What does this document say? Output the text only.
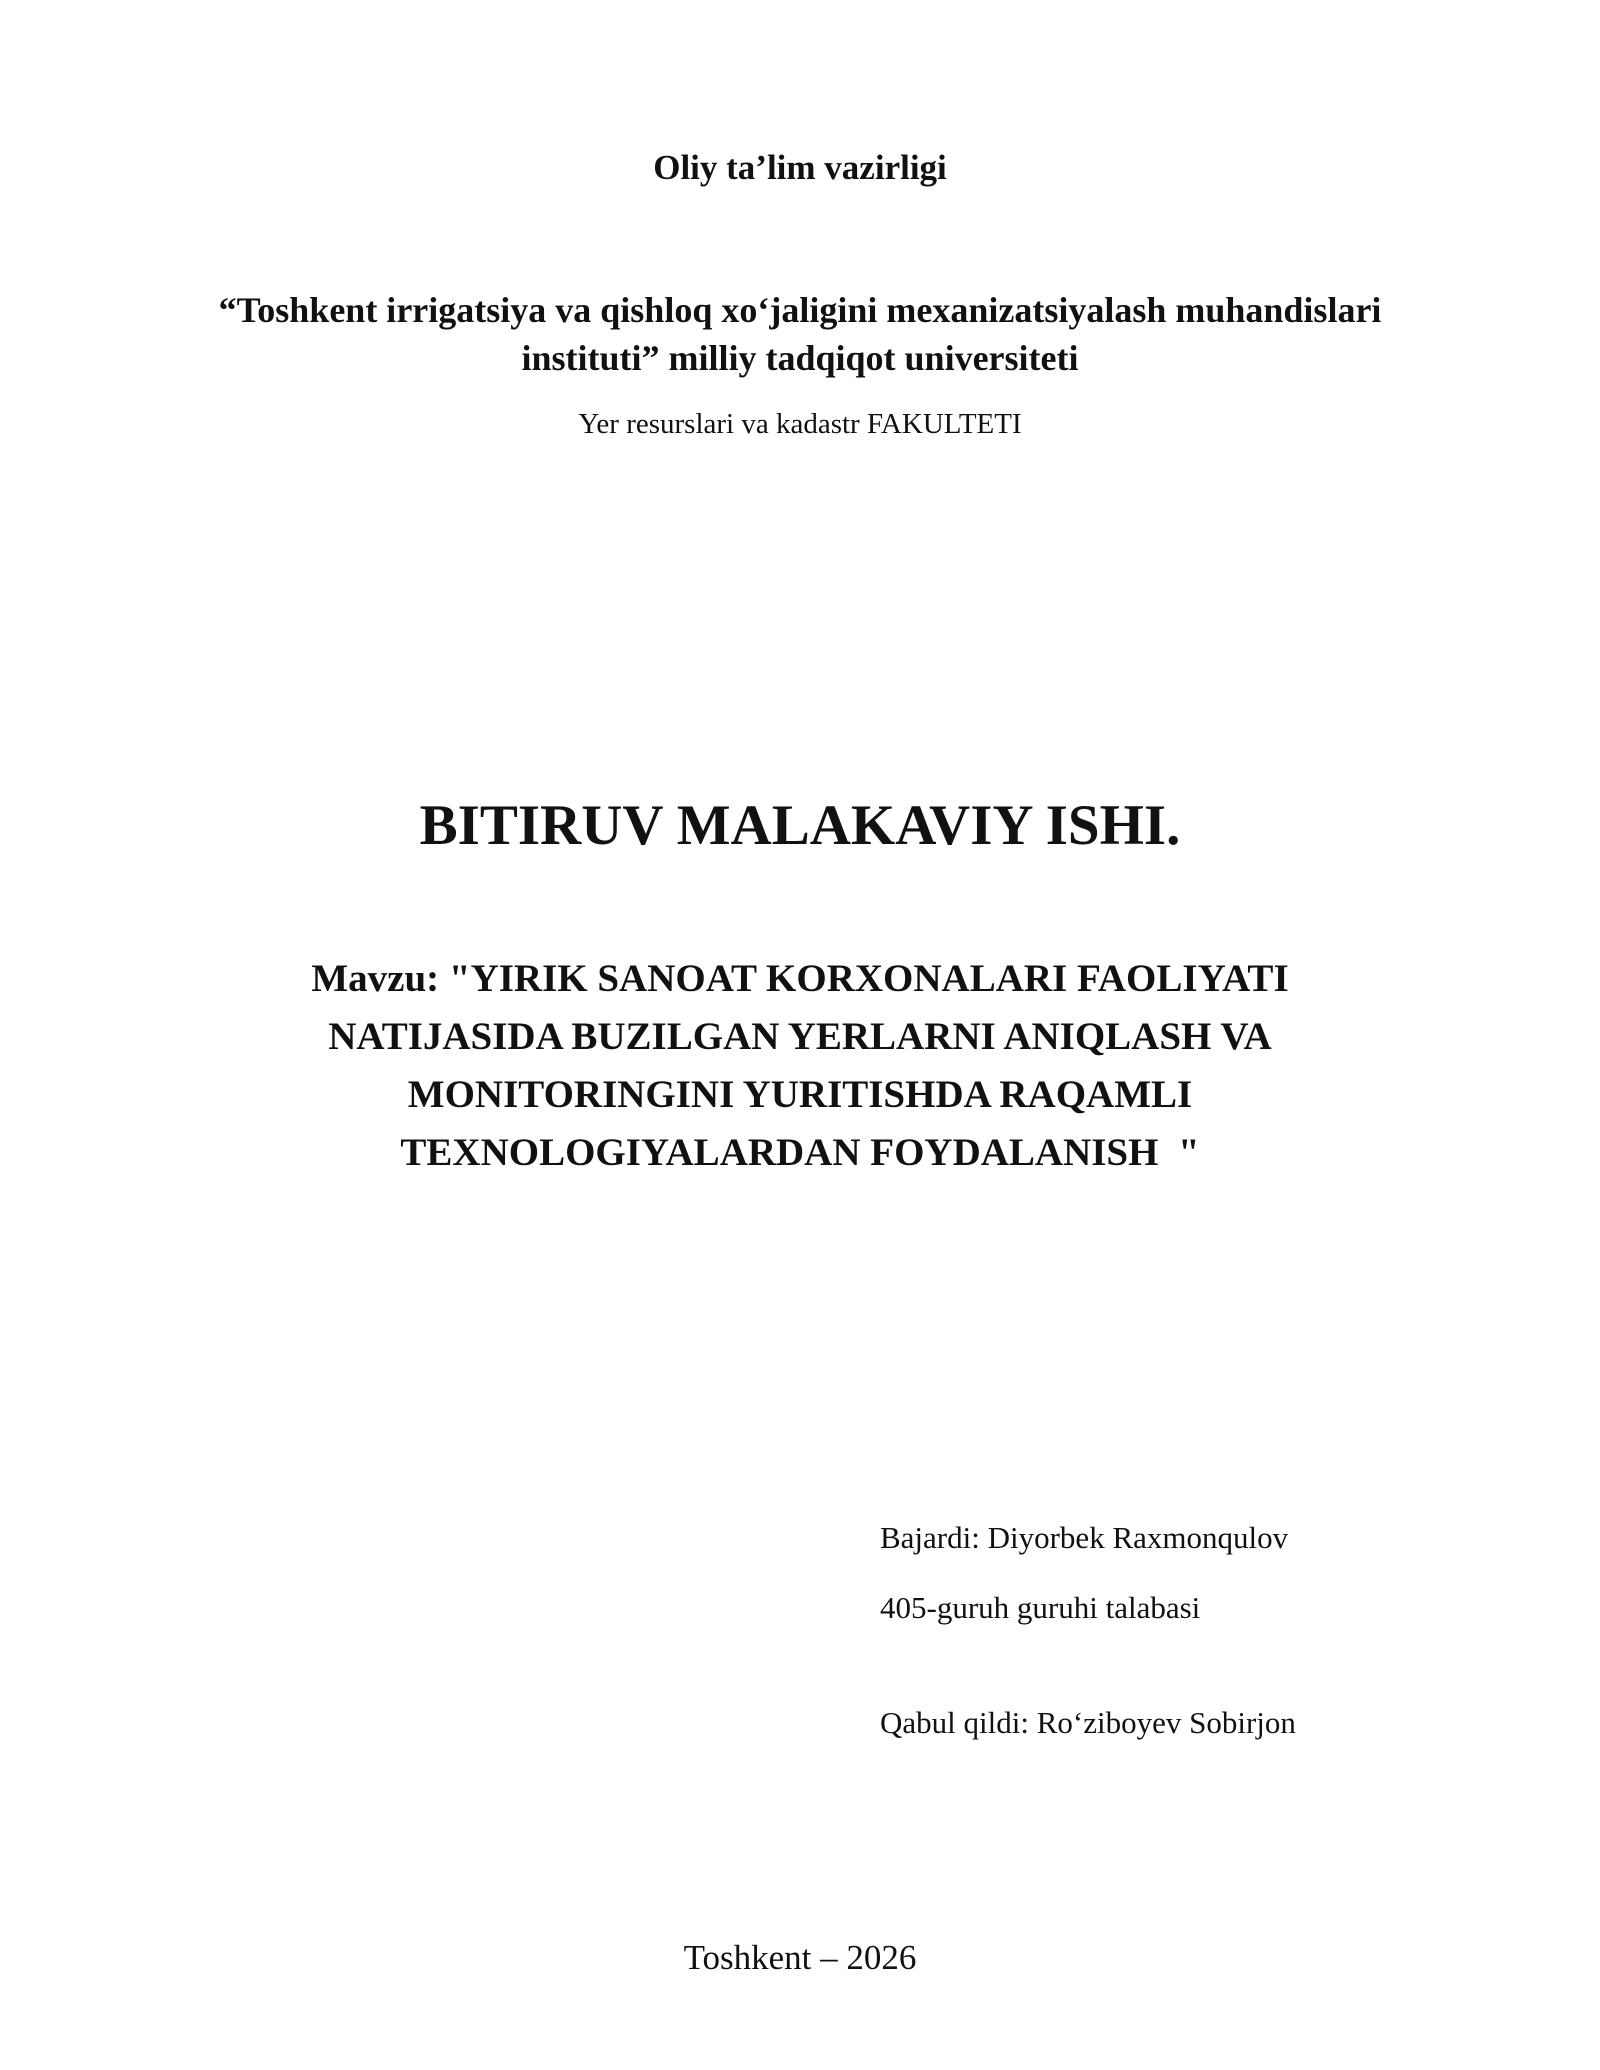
Oliy ta’lim vazirligi
“Toshkent irrigatsiya va qishloq xo‘jaligini mexanizatsiyalash muhandislari
instituti” milliy tadqiqot universiteti
Yer resurslari va kadastr FAKULTETI
BITIRUV MALAKAVIY ISHI.
Mavzu: "YIRIK SANOAT KORXONALARI FAOLIYATI
NATIJASIDA BUZILGAN YERLARNI ANIQLASH VA
MONITORINGINI YURITISHDA RAQAMLI
TEXNOLOGIYALARDAN FOYDALANISH  "
Bajardi: Diyorbek Raxmonqulov
405-guruh guruhi talabasi
Qabul qildi: Ro‘ziboyev Sobirjon
Toshkent – 2026
